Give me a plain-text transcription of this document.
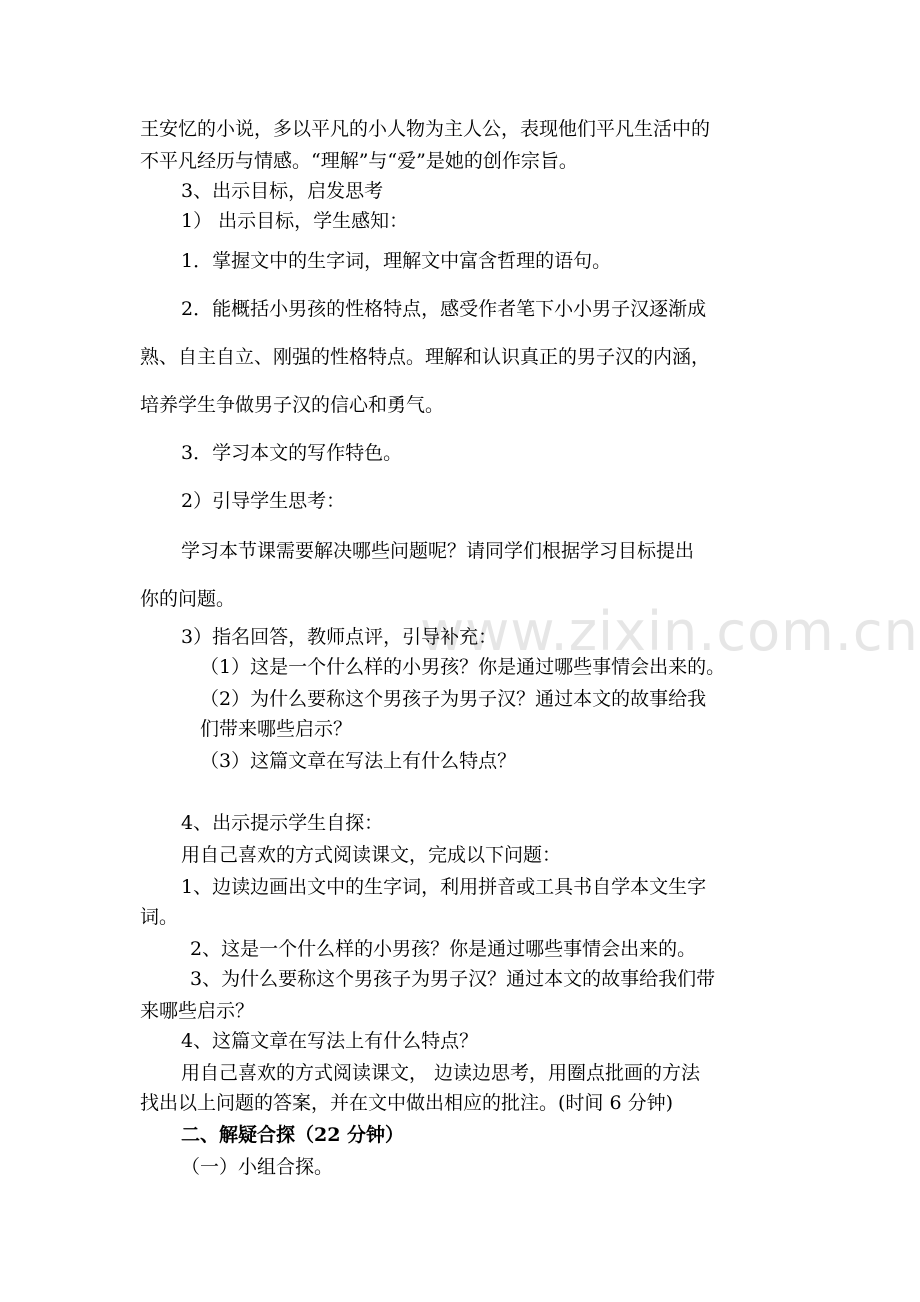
www.zixin.com.cn
王安忆的小说，多以平凡的小人物为主人公，表现他们平凡生活中的
不平凡经历与情感。“理解”与“爱”是她的创作宗旨。
3、出示目标，启发思考
1） 出示目标，学生感知：
1．掌握文中的生字词，理解文中富含哲理的语句。
2．能概括小男孩的性格特点，感受作者笔下小小男子汉逐渐成
熟、自主自立、刚强的性格特点。理解和认识真正的男子汉的内涵，
培养学生争做男子汉的信心和勇气。
3．学习本文的写作特色。
2）引导学生思考：
学习本节课需要解决哪些问题呢？请同学们根据学习目标提出
你的问题。
3）指名回答，教师点评，引导补充：
（1）这是一个什么样的小男孩？你是通过哪些事情会出来的。
（2）为什么要称这个男孩子为男子汉？通过本文的故事给我
们带来哪些启示？
（3）这篇文章在写法上有什么特点？
4、出示提示学生自探：
用自己喜欢的方式阅读课文，完成以下问题：
1、边读边画出文中的生字词，利用拼音或工具书自学本文生字
词。
2、这是一个什么样的小男孩？你是通过哪些事情会出来的。
3、为什么要称这个男孩子为男子汉？通过本文的故事给我们带
来哪些启示？
4、这篇文章在写法上有什么特点？
用自己喜欢的方式阅读课文， 边读边思考，用圈点批画的方法
找出以上问题的答案，并在文中做出相应的批注。(时间 6 分钟)
二、解疑合探（22 分钟）
（一）小组合探。
